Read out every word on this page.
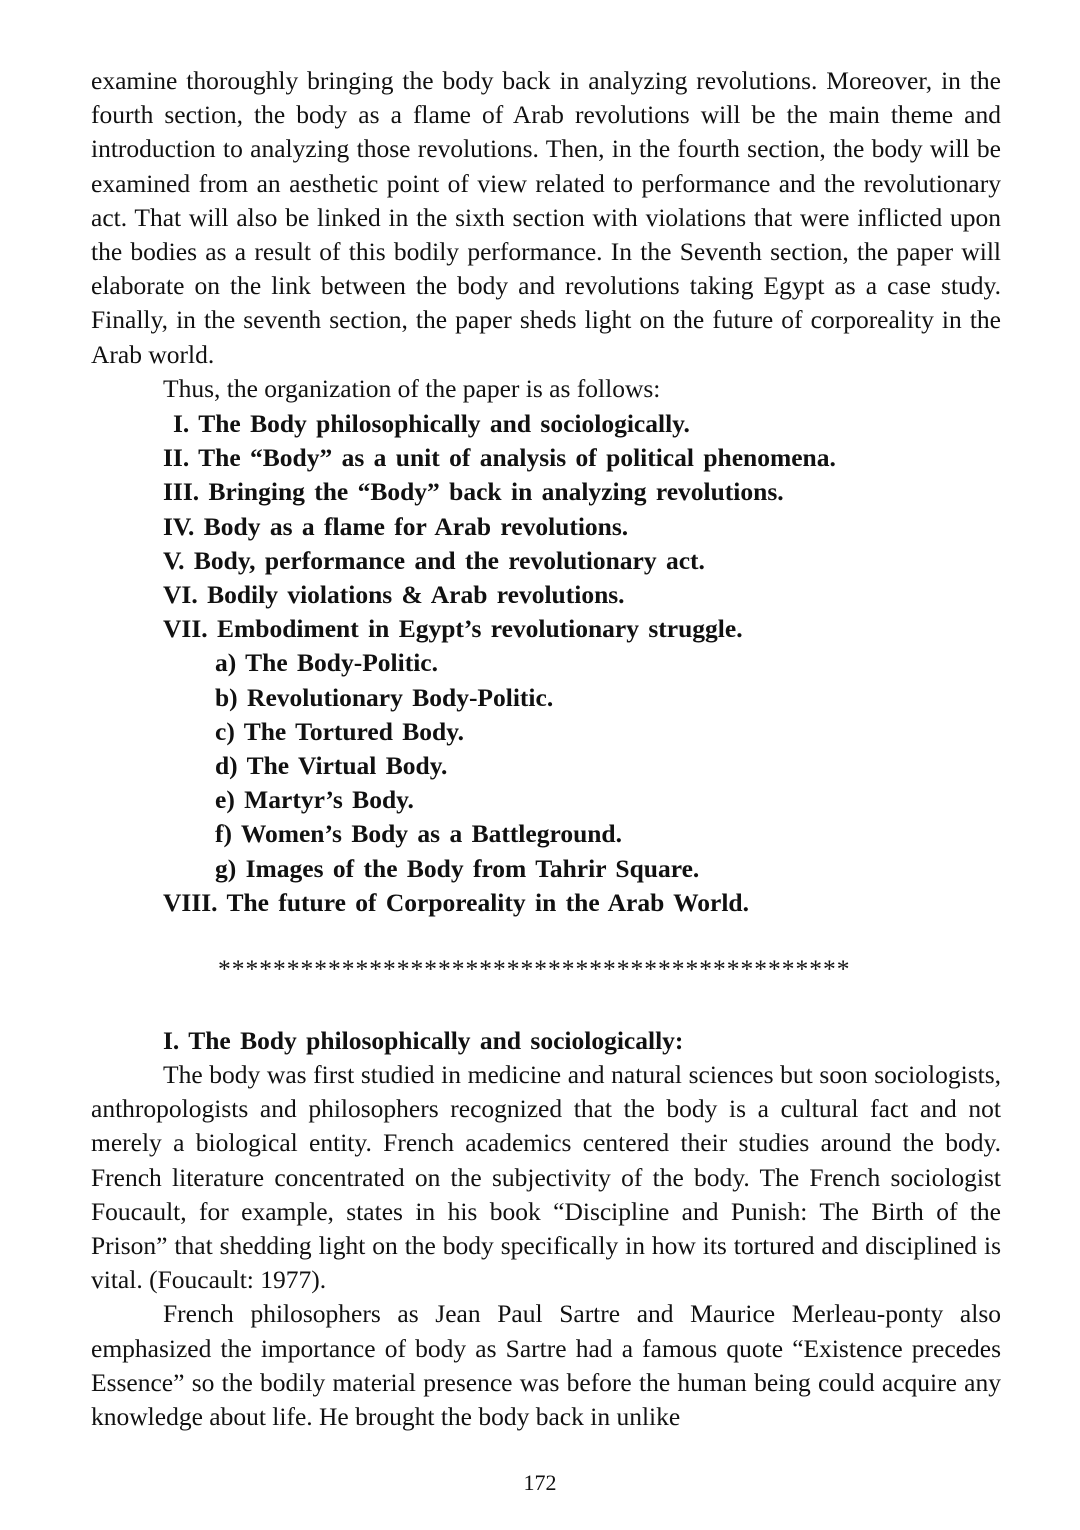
examine thoroughly bringing the body back in analyzing revolutions. Moreover, in the fourth section, the body as a flame of Arab revolutions will be the main theme and introduction to analyzing those revolutions. Then, in the fourth section, the body will be examined from an aesthetic point of view related to performance and the revolutionary act. That will also be linked in the sixth section with violations that were inflicted upon the bodies as a result of this bodily performance. In the Seventh section, the paper will elaborate on the link between the body and revolutions taking Egypt as a case study. Finally, in the seventh section, the paper sheds light on the future of corporeality in the Arab world.

Thus, the organization of the paper is as follows:

I. The Body philosophically and sociologically.
II. The “Body” as a unit of analysis of political phenomena.
III. Bringing the “Body” back in analyzing revolutions.
IV. Body as a flame for Arab revolutions.
V. Body, performance and the revolutionary act.
VI. Bodily violations & Arab revolutions.
VII. Embodiment in Egypt’s revolutionary struggle.
a) The Body-Politic.
b) Revolutionary Body-Politic.
c) The Tortured Body.
d) The Virtual Body.
e) Martyr’s Body.
f) Women’s Body as a Battleground.
g) Images of the Body from Tahrir Square.
VIII. The future of Corporeality in the Arab World.
**********************************************
I. The Body philosophically and sociologically:

The body was first studied in medicine and natural sciences but soon sociologists, anthropologists and philosophers recognized that the body is a cultural fact and not merely a biological entity. French academics centered their studies around the body. French literature concentrated on the subjectivity of the body. The French sociologist Foucault, for example, states in his book “Discipline and Punish: The Birth of the Prison” that shedding light on the body specifically in how its tortured and disciplined is vital. (Foucault: 1977).

French philosophers as Jean Paul Sartre and Maurice Merleau-ponty also emphasized the importance of body as Sartre had a famous quote “Existence precedes Essence” so the bodily material presence was before the human being could acquire any knowledge about life. He brought the body back in unlike

172
